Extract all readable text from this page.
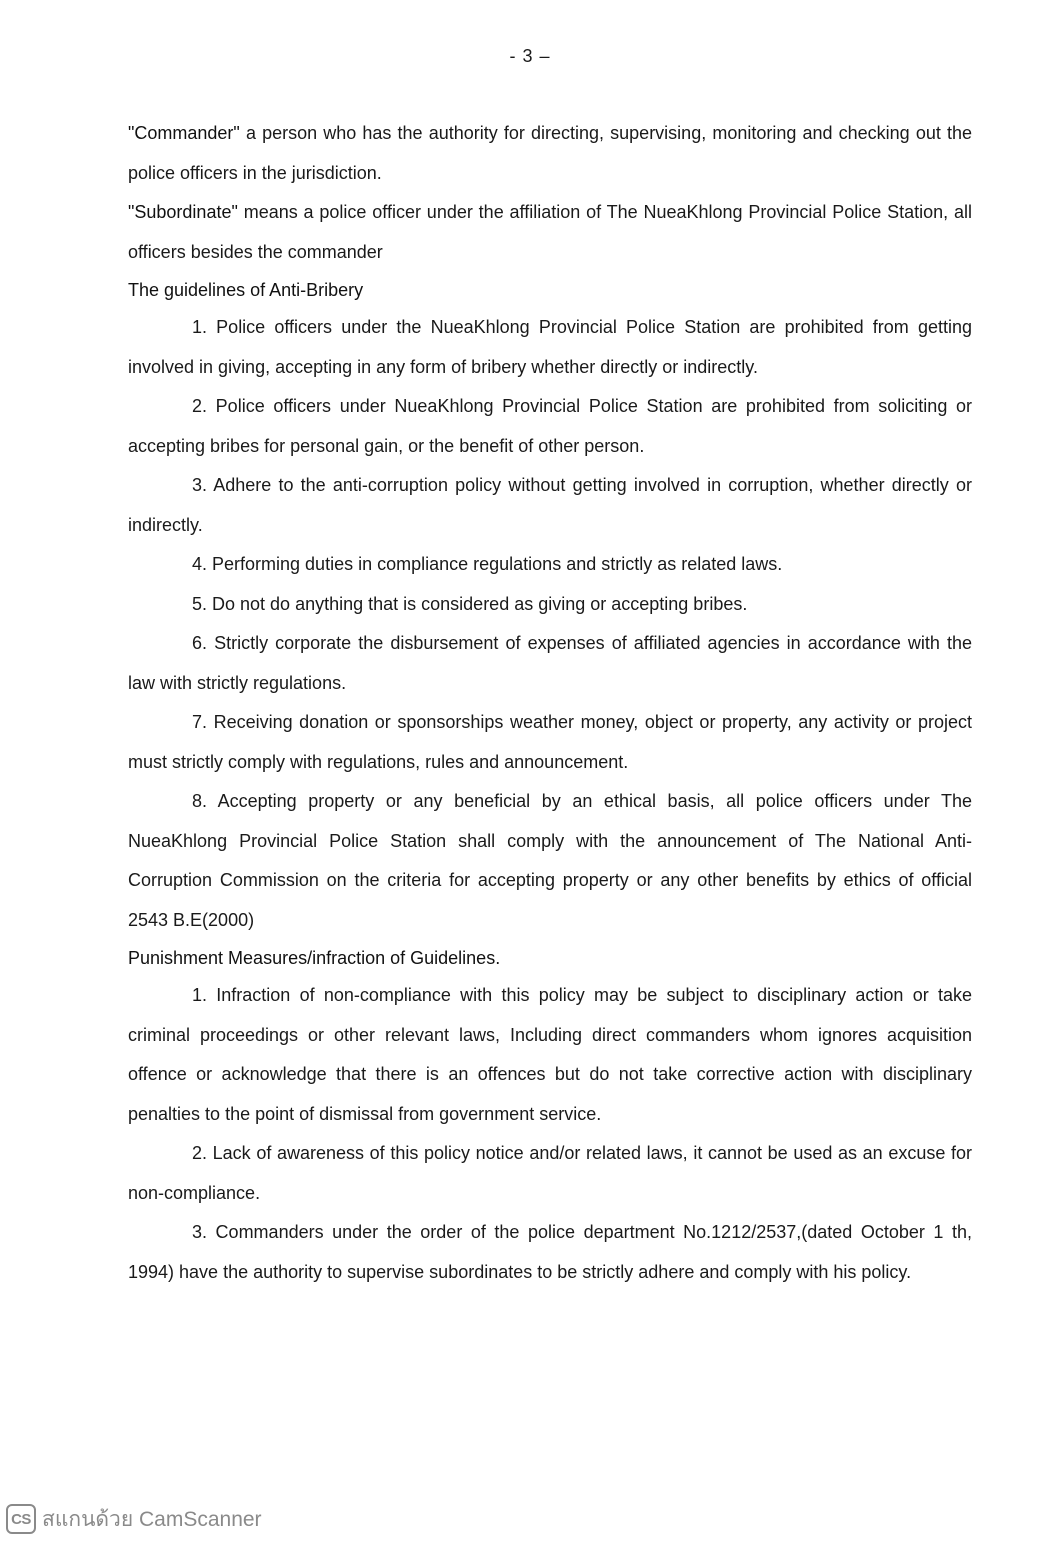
- 3 –

"Commander" a person who has the authority for directing, supervising, monitoring and checking out the police officers in the jurisdiction.

"Subordinate" means a police officer under the affiliation of The NueaKhlong Provincial Police Station, all officers besides the commander

The guidelines of Anti-Bribery

1. Police officers under the NueaKhlong Provincial Police Station are prohibited from getting involved in giving, accepting in any form of bribery whether directly or indirectly.

2. Police officers under NueaKhlong Provincial Police Station are prohibited from soliciting or accepting bribes for personal gain, or the benefit of other person.

3. Adhere to the anti-corruption policy without getting involved in corruption, whether directly or indirectly.

4. Performing duties in compliance regulations and strictly as related laws.

5. Do not do anything that is considered as giving or accepting bribes.

6. Strictly corporate the disbursement of expenses of affiliated agencies in accordance with the law with strictly regulations.

7. Receiving donation or sponsorships weather money, object or property, any activity or project must strictly comply with regulations, rules and announcement.

8. Accepting property or any beneficial by an ethical basis, all police officers under The NueaKhlong Provincial Police Station shall comply with the announcement of The National Anti-Corruption Commission on the criteria for accepting property or any other benefits by ethics of official 2543 B.E(2000)

Punishment Measures/infraction of Guidelines.

1. Infraction of non-compliance with this policy may be subject to disciplinary action or take criminal proceedings or other relevant laws, Including direct commanders whom ignores acquisition offence or acknowledge that there is an offences but do not take corrective action with disciplinary penalties to the point of dismissal from government service.

2. Lack of awareness of this policy notice and/or related laws, it cannot be used as an excuse for non-compliance.

3. Commanders under the order of the police department No.1212/2537,(dated October 1 th, 1994) have the authority to supervise subordinates to be strictly adhere and comply with his policy.

CS สแกนด้วย CamScanner
